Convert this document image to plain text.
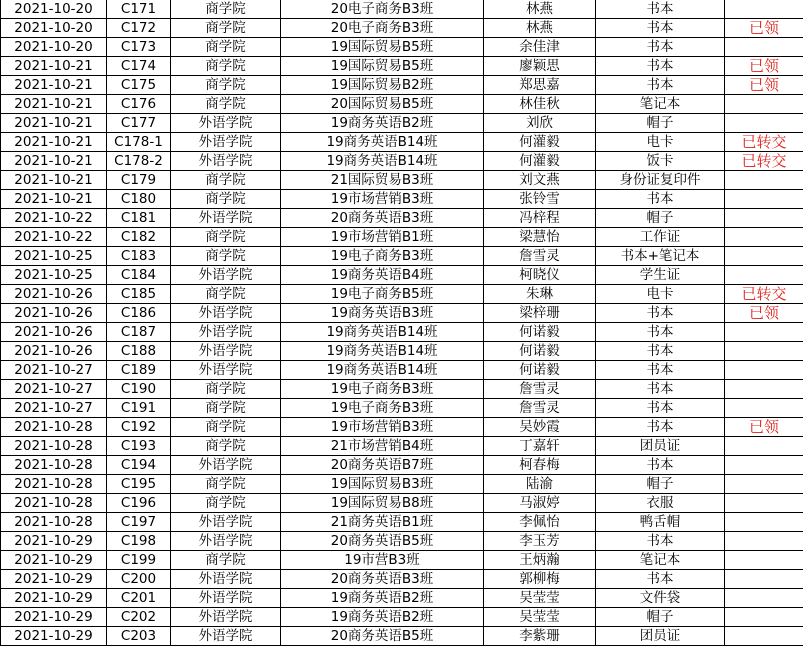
2021-10-20	C171	商学院	20电子商务B3班	林燕	书本	
2021-10-20	C172	商学院	20电子商务B3班	林燕	书本	已领
2021-10-20	C173	商学院	19国际贸易B5班	余佳津	书本	
2021-10-21	C174	商学院	19国际贸易B5班	廖颖思	书本	已领
2021-10-21	C175	商学院	19国际贸易B2班	郑思嘉	书本	已领
2021-10-21	C176	商学院	20国际贸易B5班	林佳秋	笔记本	
2021-10-21	C177	外语学院	19商务英语B2班	刘欣	帽子	
2021-10-21	C178-1	外语学院	19商务英语B14班	何灌毅	电卡	已转交
2021-10-21	C178-2	外语学院	19商务英语B14班	何灌毅	饭卡	已转交
2021-10-21	C179	商学院	21国际贸易B3班	刘文燕	身份证复印件	
2021-10-21	C180	商学院	19市场营销B3班	张铃雪	书本	
2021-10-22	C181	外语学院	20商务英语B3班	冯梓程	帽子	
2021-10-22	C182	商学院	19市场营销B1班	梁慧怡	工作证	
2021-10-25	C183	商学院	19电子商务B3班	詹雪灵	书本+笔记本	
2021-10-25	C184	外语学院	19商务英语B4班	柯晓仪	学生证	
2021-10-26	C185	商学院	19电子商务B5班	朱琳	电卡	已转交
2021-10-26	C186	外语学院	19商务英语B3班	梁梓珊	书本	已领
2021-10-26	C187	外语学院	19商务英语B14班	何诺毅	书本	
2021-10-26	C188	外语学院	19商务英语B14班	何诺毅	书本	
2021-10-27	C189	外语学院	19商务英语B14班	何诺毅	书本	
2021-10-27	C190	商学院	19电子商务B3班	詹雪灵	书本	
2021-10-27	C191	商学院	19电子商务B3班	詹雪灵	书本	
2021-10-28	C192	商学院	19市场营销B3班	吴妙霞	书本	已领
2021-10-28	C193	商学院	21市场营销B4班	丁嘉轩	团员证	
2021-10-28	C194	外语学院	20商务英语B7班	柯春梅	书本	
2021-10-28	C195	商学院	19国际贸易B3班	陆渝	帽子	
2021-10-28	C196	商学院	19国际贸易B8班	马淑婷	衣服	
2021-10-28	C197	外语学院	21商务英语B1班	李佩怡	鸭舌帽	
2021-10-29	C198	外语学院	20商务英语B5班	李玉芳	书本	
2021-10-29	C199	商学院	19市营B3班	王炳瀚	笔记本	
2021-10-29	C200	外语学院	20商务英语B3班	郭柳梅	书本	
2021-10-29	C201	外语学院	19商务英语B2班	吴莹莹	文件袋	
2021-10-29	C202	外语学院	19商务英语B2班	吴莹莹	帽子	
2021-10-29	C203	外语学院	20商务英语B5班	李紫珊	团员证	
